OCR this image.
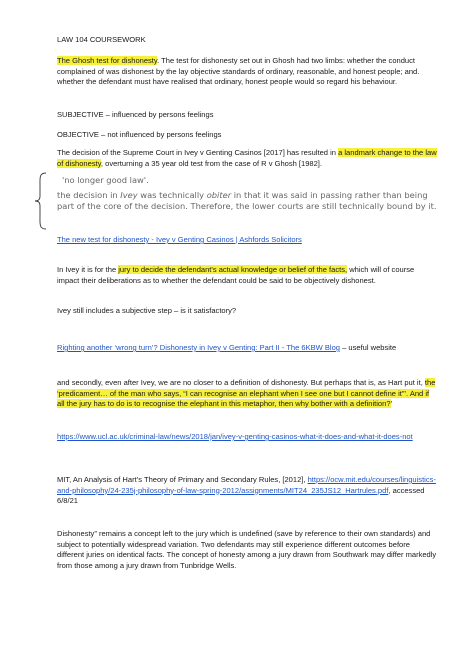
LAW 104 COURSEWORK

The Ghosh test for dishonesty. The test for dishonesty set out in Ghosh had two limbs: whether the conduct complained of was dishonest by the lay objective standards of ordinary, reasonable, and honest people; and. whether the defendant must have realised that ordinary, honest people would so regard his behaviour.

SUBJECTIVE – influenced by persons feelings

OBJECTIVE – not influenced by persons feelings

The decision of the Supreme Court in Ivey v Genting Casinos [2017] has resulted in a landmark change to the law of dishonesty, overturning a 35 year old test from the case of R v Ghosh [1982].

'no longer good law'.

the decision in Ivey was technically obiter in that it was said in passing rather than being part of the core of the decision. Therefore, the lower courts are still technically bound by it.

The new test for dishonesty - Ivey v Genting Casinos | Ashfords Solicitors

In Ivey it is for the jury to decide the defendant's actual knowledge or belief of the facts, which will of course impact their deliberations as to whether the defendant could be said to be objectively dishonest.

Ivey still includes a subjective step – is it satisfactory?

Righting another ‘wrong turn’? Dishonesty in Ivey v Genting: Part II - The 6KBW Blog – useful website

and secondly, even after Ivey, we are no closer to a definition of dishonesty. But perhaps that is, as Hart put it, the ‘predicament… of the man who says, “I can recognise an elephant when I see one but I cannot define it”’. And if all the jury has to do is to recognise the elephant in this metaphor, then why bother with a definition?’

https://www.ucl.ac.uk/criminal-law/news/2018/jan/ivey-v-genting-casinos-what-it-does-and-what-it-does-not

MIT, An Analysis of Hart’s Theory of Primary and Secondary Rules, [2012], https://ocw.mit.edu/courses/linguistics-and-philosophy/24-235j-philosophy-of-law-spring-2012/assignments/MIT24_235JS12_Hartrules.pdf, accessed 6/8/21

Dishonesty” remains a concept left to the jury which is undefined (save by reference to their own standards) and subject to potentially widespread variation. Two defendants may still experience different outcomes before different juries on identical facts. The concept of honesty among a jury drawn from Southwark may differ markedly from those among a jury drawn from Tunbridge Wells.
